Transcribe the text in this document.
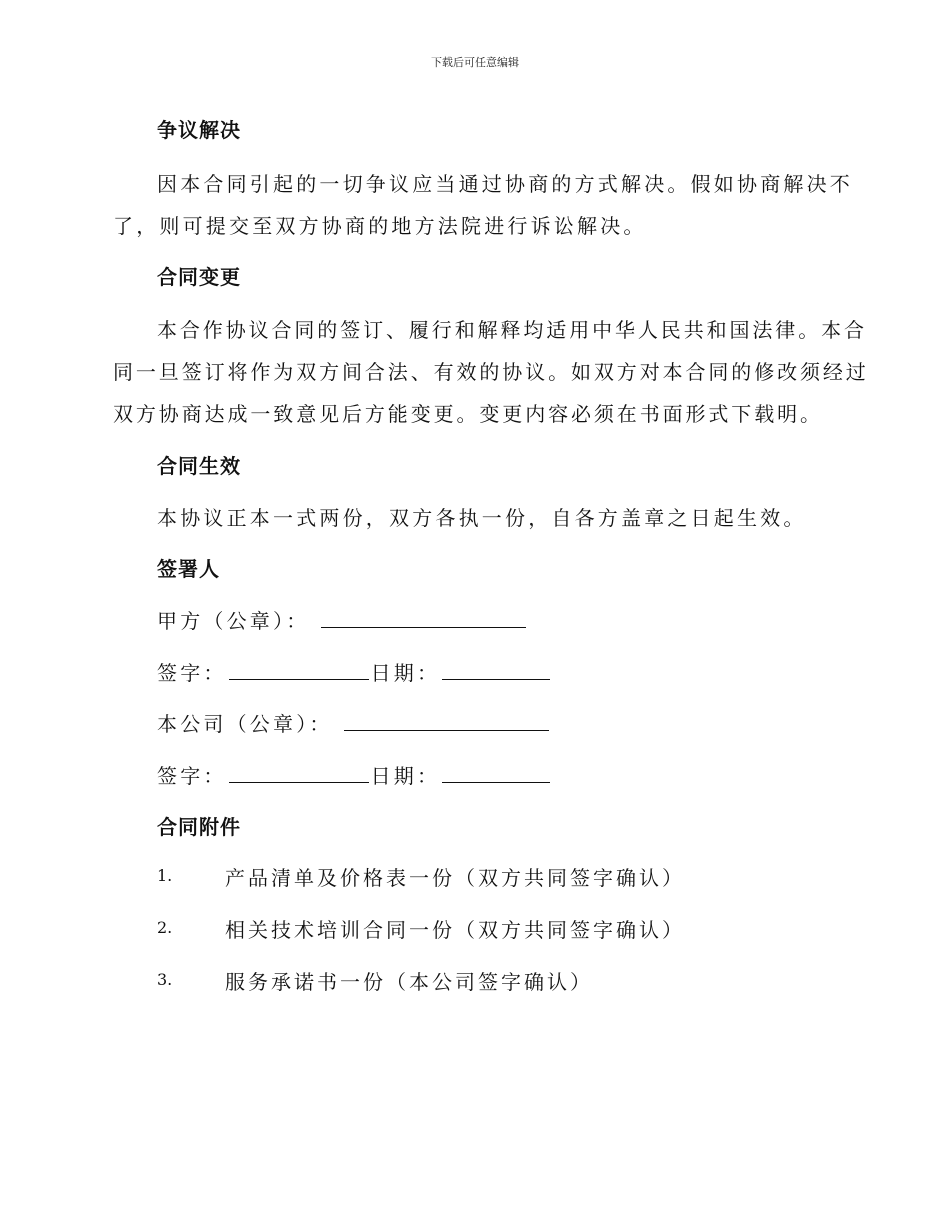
下载后可任意编辑
争议解决
因本合同引起的一切争议应当通过协商的方式解决。假如协商解决不
了，则可提交至双方协商的地方法院进行诉讼解决。
合同变更
本合作协议合同的签订、履行和解释均适用中华人民共和国法律。本合
同一旦签订将作为双方间合法、有效的协议。如双方对本合同的修改须经过
双方协商达成一致意见后方能变更。变更内容必须在书面形式下载明。
合同生效
本协议正本一式两份，双方各执一份，自各方盖章之日起生效。
签署人
甲方（公章）：
签字：	日期：
本公司（公章）：
签字：	日期：
合同附件
1.	产品清单及价格表一份（双方共同签字确认）
2.	相关技术培训合同一份（双方共同签字确认）
3.	服务承诺书一份（本公司签字确认）
